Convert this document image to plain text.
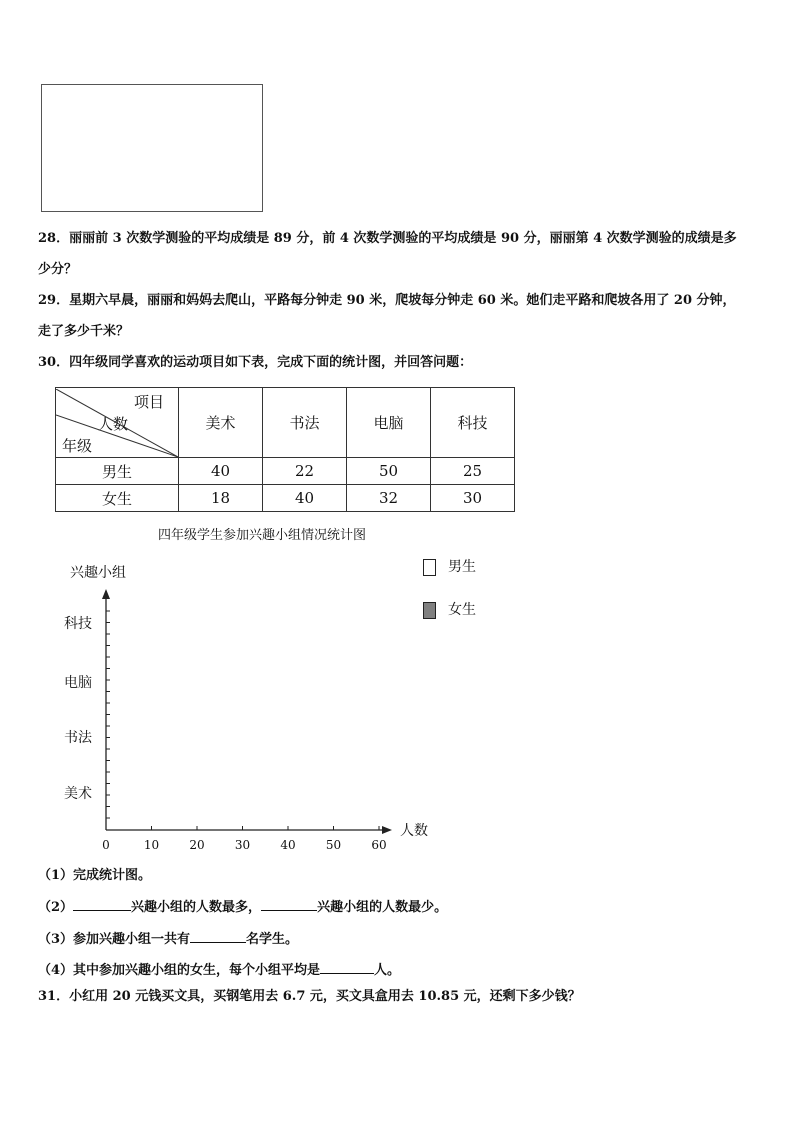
28．丽丽前 3 次数学测验的平均成绩是 89 分，前 4 次数学测验的平均成绩是 90 分，丽丽第 4 次数学测验的成绩是多
少分？
29．星期六早晨，丽丽和妈妈去爬山，平路每分钟走 90 米，爬坡每分钟走 60 米。她们走平路和爬坡各用了 20 分钟，
走了多少千米？
30．四年级同学喜欢的运动项目如下表，完成下面的统计图，并回答问题：
项目
人数
年级	美术	书法	电脑	科技
男生	40	22	50	25
女生	18	40	32	30
四年级学生参加兴趣小组情况统计图
男生
女生
0	10	20	30	40	50	60
美术
书法
电脑
科技
兴趣小组
人数
（1）完成统计图。
（2）	兴趣小组的人数最多，	兴趣小组的人数最少。
（3）参加兴趣小组一共有	名学生。
（4）其中参加兴趣小组的女生，每个小组平均是	人。
31．小红用 20 元钱买文具，买钢笔用去 6.7 元，买文具盒用去 10.85 元，还剩下多少钱？
